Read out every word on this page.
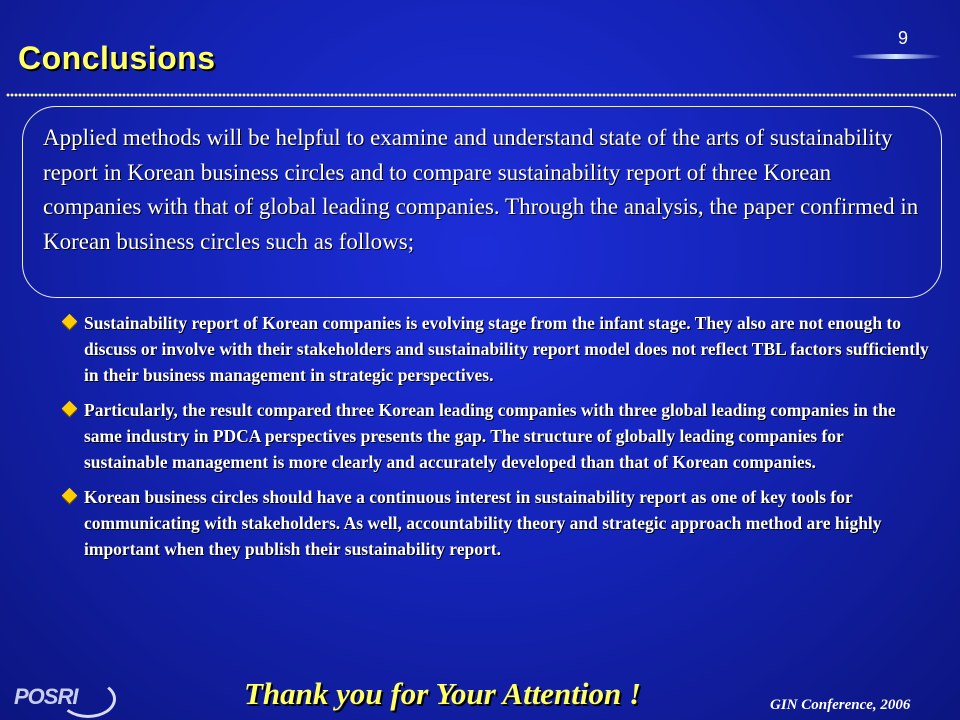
Conclusions
9
Applied methods will be helpful to examine and understand state of the arts of sustainability report in Korean business circles and to compare sustainability report of three Korean companies with that of global leading companies. Through the analysis, the paper confirmed in Korean business circles such as follows;
Sustainability report of Korean companies is evolving stage from the infant stage. They also are not enough to discuss or involve with their stakeholders and sustainability report model does not reflect TBL factors sufficiently in their business management in strategic perspectives.
Particularly, the result compared three Korean leading companies with three global leading companies in the same industry in PDCA perspectives presents the gap. The structure of globally leading companies for sustainable management is more clearly and accurately developed than that of Korean companies.
Korean business circles should have a continuous interest in sustainability report as one of key tools for communicating with stakeholders. As well, accountability theory and strategic approach method are highly important when they publish their sustainability report.
POSRI	Thank you for Your Attention !	GIN Conference, 2006
